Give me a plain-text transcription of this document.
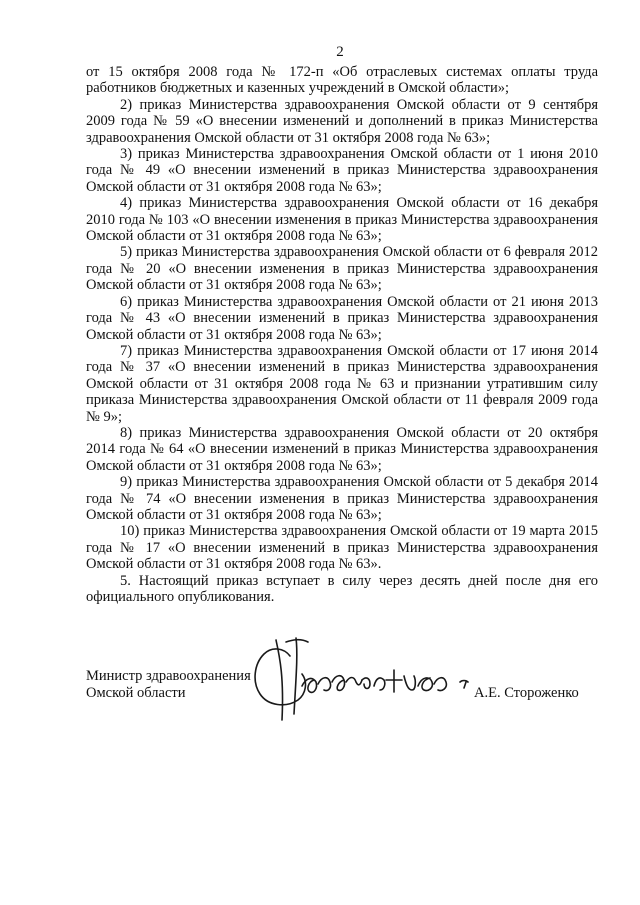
2

от 15 октября 2008 года № 172-п «Об отраслевых системах оплаты труда работников бюджетных и казенных учреждений в Омской области»;

2) приказ Министерства здравоохранения Омской области от 9 сентября 2009 года № 59 «О внесении изменений и дополнений в приказ Министерства здравоохранения Омской области от 31 октября 2008 года № 63»;

3) приказ Министерства здравоохранения Омской области от 1 июня 2010 года № 49 «О внесении изменений в приказ Министерства здравоохранения Омской области от 31 октября 2008 года № 63»;

4) приказ Министерства здравоохранения Омской области от 16 декабря 2010 года № 103 «О внесении изменения в приказ Министерства здравоохранения Омской области от 31 октября 2008 года № 63»;

5) приказ Министерства здравоохранения Омской области от 6 февраля 2012 года № 20 «О внесении изменения в приказ Министерства здравоохранения Омской области от 31 октября 2008 года № 63»;

6) приказ Министерства здравоохранения Омской области от 21 июня 2013 года № 43 «О внесении изменений в приказ Министерства здравоохранения Омской области от 31 октября 2008 года № 63»;

7) приказ Министерства здравоохранения Омской области от 17 июня 2014 года № 37 «О внесении изменений в приказ Министерства здравоохранения Омской области от 31 октября 2008 года № 63 и признании утратившим силу приказа Министерства здравоохранения Омской области от 11 февраля 2009 года № 9»;

8) приказ Министерства здравоохранения Омской области от 20 октября 2014 года № 64 «О внесении изменений в приказ Министерства здравоохранения Омской области от 31 октября 2008 года № 63»;

9) приказ Министерства здравоохранения Омской области от 5 декабря 2014 года № 74 «О внесении изменения в приказ Министерства здравоохранения Омской области от 31 октября 2008 года № 63»;

10) приказ Министерства здравоохранения Омской области от 19 марта 2015 года № 17 «О внесении изменений в приказ Министерства здравоохранения Омской области от 31 октября 2008 года № 63».

5. Настоящий приказ вступает в силу через десять дней после дня его официального опубликования.

Министр здравоохранения
Омской области	А.Е. Стороженко
